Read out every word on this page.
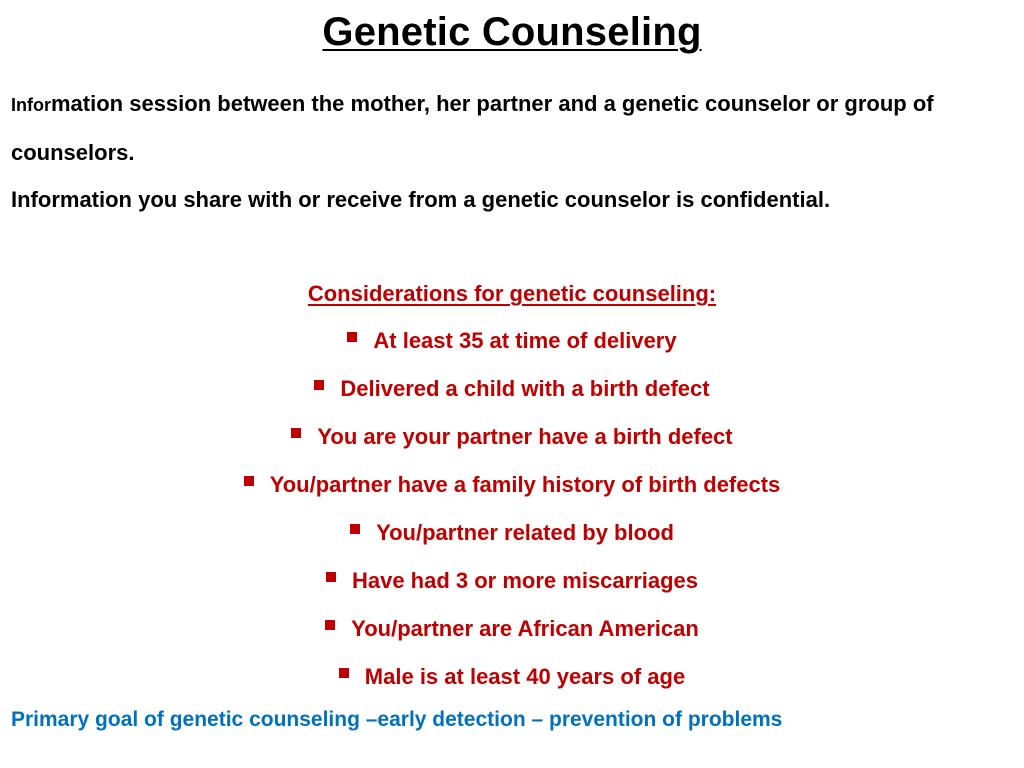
Genetic Counseling

Information session between the mother, her partner and a genetic counselor or group of counselors.

Information you share with or receive from a genetic counselor is confidential.

Considerations for genetic counseling:

At least 35 at time of delivery
Delivered a child with a birth defect
You are your partner have a birth defect
You/partner have a family history of birth defects
You/partner related by blood
Have had 3 or more miscarriages
You/partner are African American
Male is at least 40 years of age
Primary goal of genetic counseling –early detection – prevention of problems
